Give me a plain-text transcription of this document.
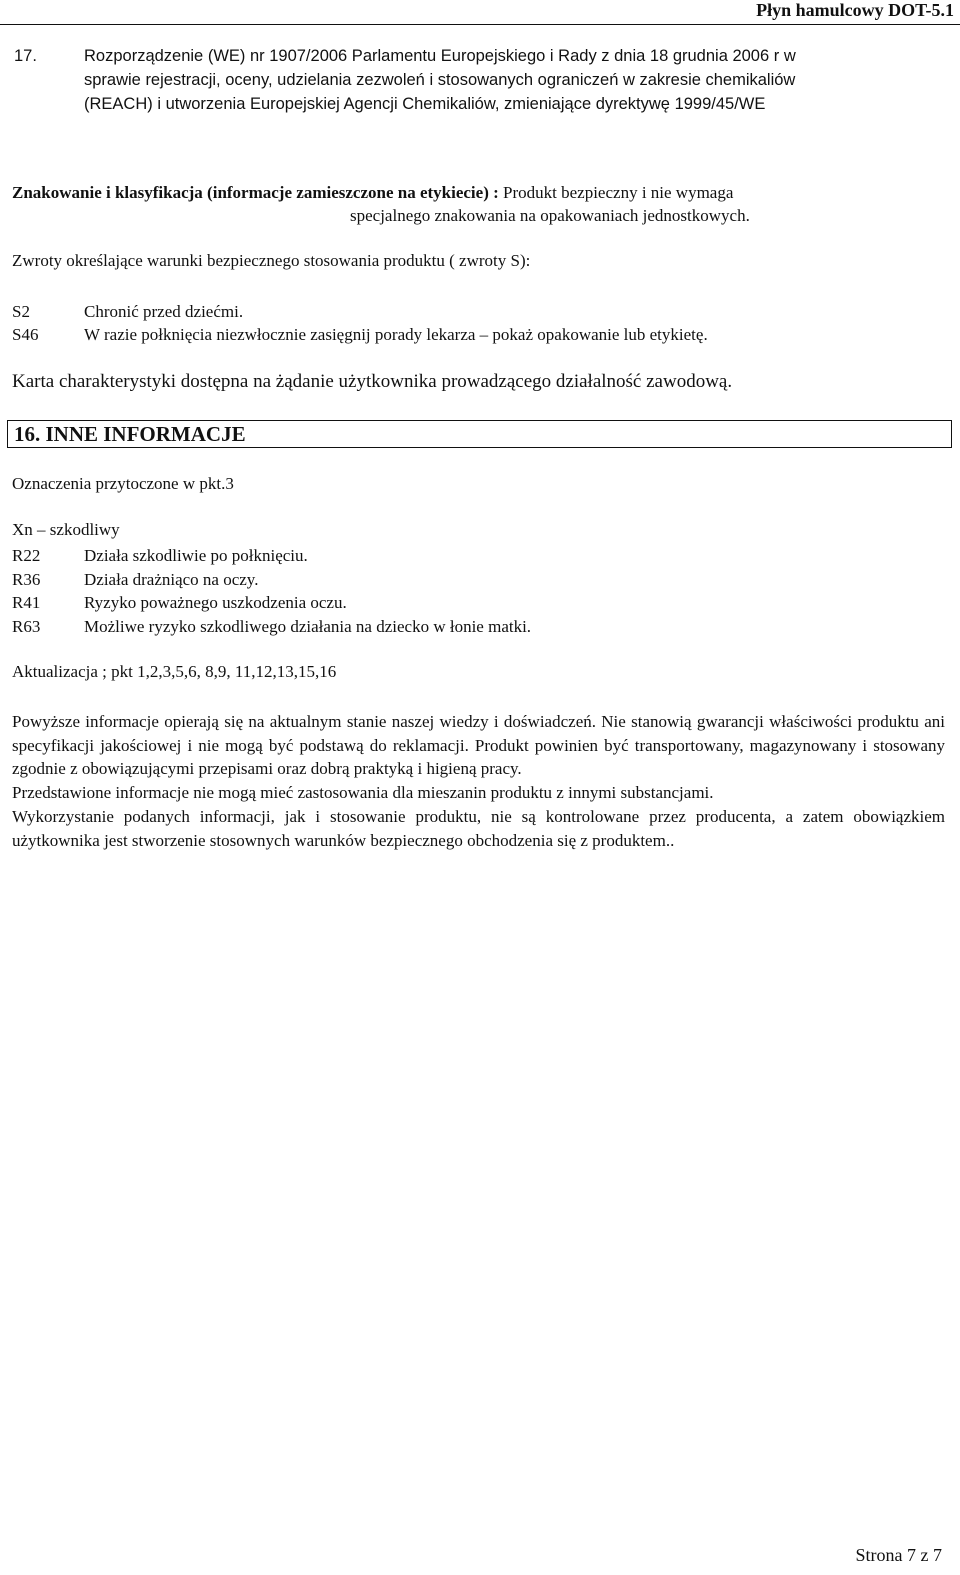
Płyn hamulcowy DOT-5.1
17.	Rozporządzenie (WE) nr 1907/2006 Parlamentu Europejskiego i Rady z dnia 18 grudnia 2006 r w
sprawie rejestracji, oceny, udzielania zezwoleń i stosowanych ograniczeń w zakresie chemikaliów
(REACH) i utworzenia Europejskiej Agencji Chemikaliów, zmieniające dyrektywę 1999/45/WE
Znakowanie i klasyfikacja (informacje zamieszczone na etykiecie) : Produkt bezpieczny i nie wymaga
specjalnego znakowania na opakowaniach jednostkowych.
Zwroty określające warunki bezpiecznego stosowania produktu ( zwroty S):
S2	Chronić przed dziećmi.
S46	W razie połknięcia niezwłocznie zasięgnij porady lekarza – pokaż opakowanie lub etykietę.
Karta charakterystyki dostępna na żądanie użytkownika prowadzącego działalność zawodową.
16. INNE INFORMACJE
Oznaczenia przytoczone w pkt.3
Xn – szkodliwy
R22	Działa szkodliwie po połknięciu.
R36	Działa drażniąco na oczy.
R41	Ryzyko poważnego uszkodzenia oczu.
R63	Możliwe ryzyko szkodliwego działania na dziecko w łonie matki.
Aktualizacja ; pkt 1,2,3,5,6, 8,9, 11,12,13,15,16

Powyższe informacje opierają się na aktualnym stanie naszej wiedzy i doświadczeń. Nie stanowią gwarancji właściwości produktu ani specyfikacji jakościowej i nie mogą być podstawą do reklamacji. Produkt powinien być transportowany, magazynowany i stosowany zgodnie z obowiązującymi przepisami oraz dobrą praktyką i higieną pracy.

Przedstawione informacje nie mogą mieć zastosowania dla mieszanin produktu z innymi substancjami.

Wykorzystanie podanych informacji, jak i stosowanie produktu, nie są kontrolowane przez producenta, a zatem obowiązkiem użytkownika jest stworzenie stosownych warunków bezpiecznego obchodzenia się z produktem..

Strona 7 z 7
